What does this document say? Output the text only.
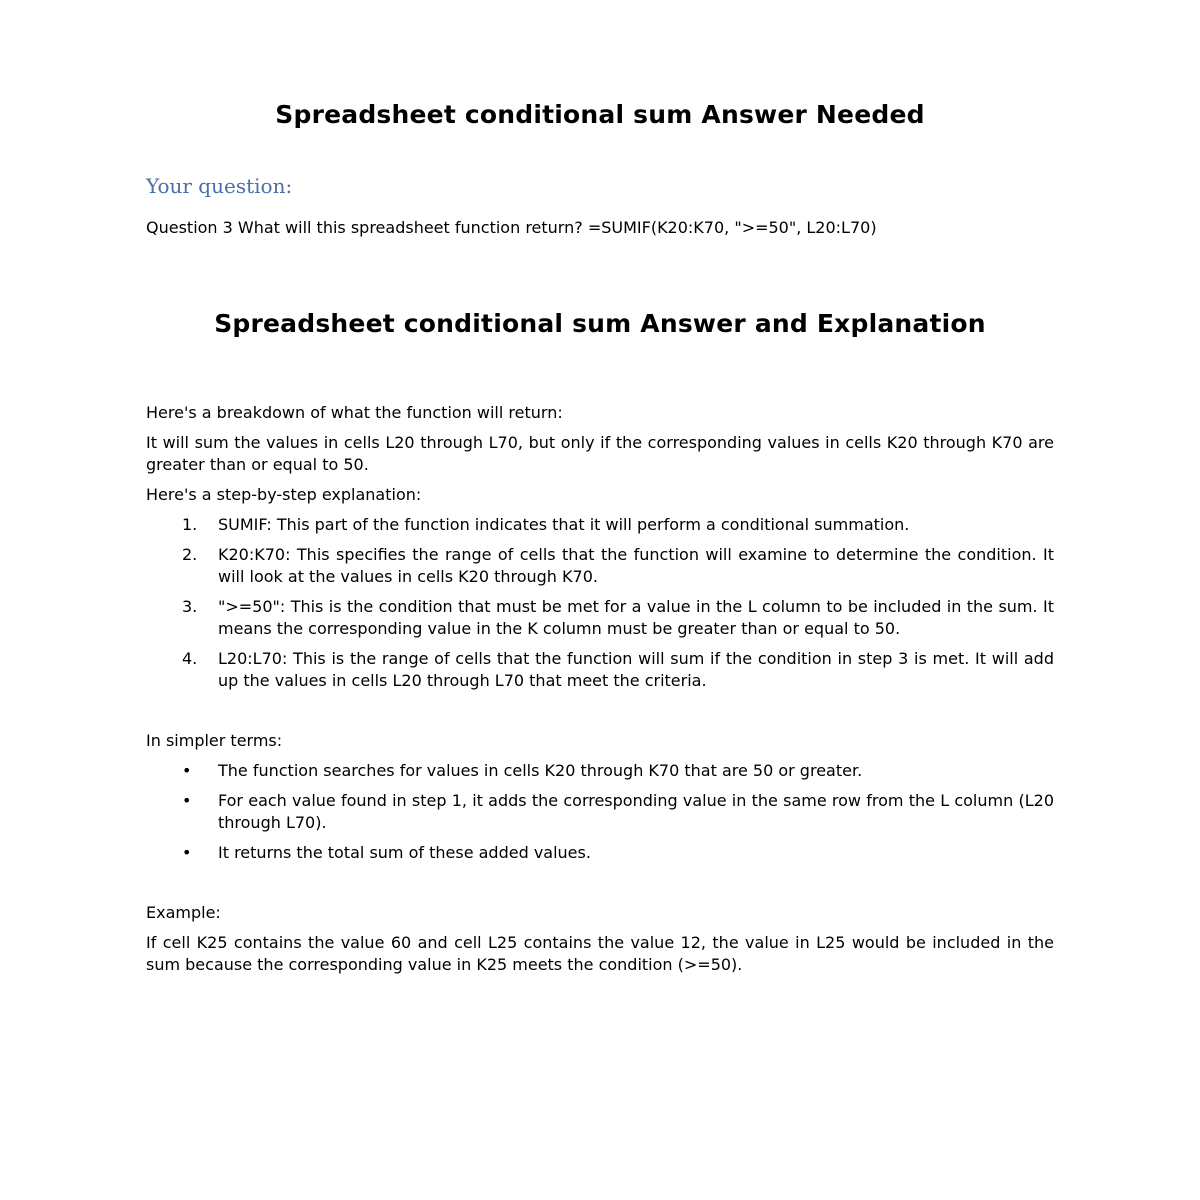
Spreadsheet conditional sum Answer Needed
Your question:

Question 3 What will this spreadsheet function return? =SUMIF(K20:K70, ">=50", L20:L70)

Spreadsheet conditional sum Answer and Explanation

Here's a breakdown of what the function will return:

It will sum the values in cells L20 through L70, but only if the corresponding values in cells K20 through K70 are greater than or equal to 50.

Here's a step-by-step explanation:

1. SUMIF: This part of the function indicates that it will perform a conditional summation.
2. K20:K70: This specifies the range of cells that the function will examine to determine the condition. It will look at the values in cells K20 through K70.
3. ">=50": This is the condition that must be met for a value in the L column to be included in the sum. It means the corresponding value in the K column must be greater than or equal to 50.
4. L20:L70: This is the range of cells that the function will sum if the condition in step 3 is met. It will add up the values in cells L20 through L70 that meet the criteria.

In simpler terms:

• The function searches for values in cells K20 through K70 that are 50 or greater.
• For each value found in step 1, it adds the corresponding value in the same row from the L column (L20 through L70).
• It returns the total sum of these added values.

Example:

If cell K25 contains the value 60 and cell L25 contains the value 12, the value in L25 would be included in the sum because the corresponding value in K25 meets the condition (>=50).
